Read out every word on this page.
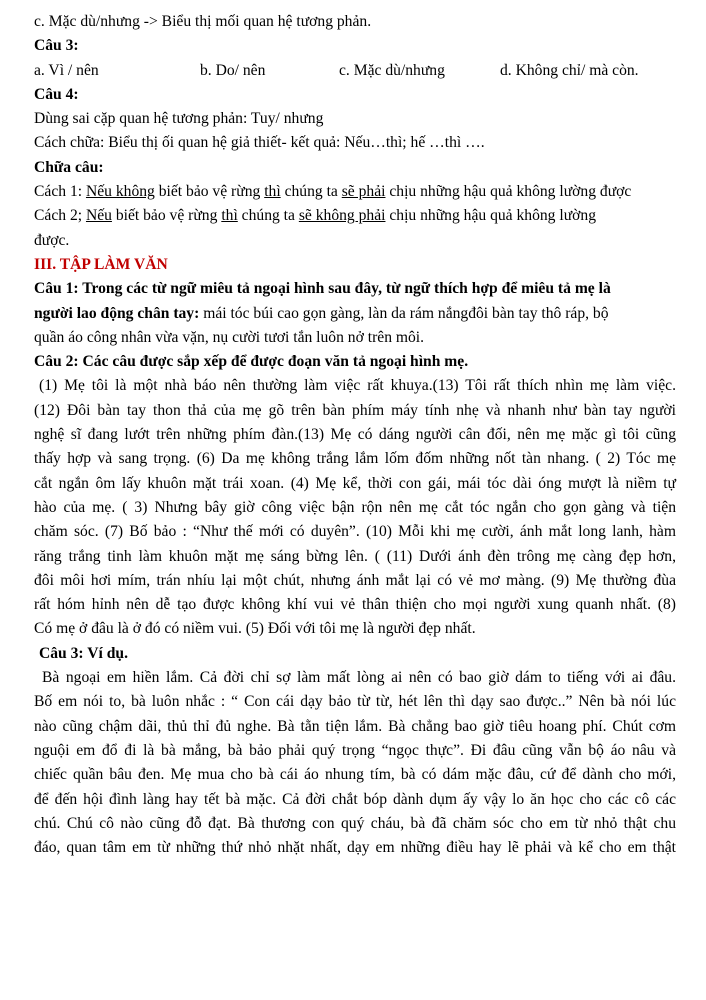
c. Mặc dù/nhưng -> Biểu thị mối quan hệ tương phản.
Câu 3:
a. Vì / nên	b. Do/ nên	c. Mặc dù/nhưng	d. Không chỉ/ mà còn.
Câu 4:
Dùng sai cặp quan hệ tương phản: Tuy/ nhưng
Cách chữa: Biểu thị ối quan hệ giả thiết- kết quả: Nếu…thì; hế …thì ….
Chữa câu:
Cách 1: Nếu không biết bảo vệ rừng thì chúng ta sẽ phải chịu những hậu quả không lường được
Cách 2; Nếu biết bảo vệ rừng thì chúng ta sẽ không phải chịu những hậu quả không lường
được.
III. TẬP LÀM VĂN
Câu 1: Trong các từ ngữ miêu tả ngoại hình sau đây, từ ngữ thích hợp để miêu tả mẹ là
người lao động chân tay: mái tóc búi cao gọn gàng, làn da rám nắngđôi bàn tay thô ráp, bộ
quần áo công nhân vừa vặn, nụ cười tươi tắn luôn nở trên môi.
Câu 2: Các câu được sắp xếp để được đoạn văn tả ngoại hình mẹ.
(1) Mẹ tôi là một nhà báo nên thường làm việc rất khuya.(13) Tôi rất thích nhìn mẹ làm việc.
(12) Đôi bàn tay thon thả của mẹ gõ trên bàn phím máy tính nhẹ và nhanh như bàn tay người
nghệ sĩ đang lướt trên những phím đàn.(13) Mẹ có dáng người cân đối, nên mẹ mặc gì tôi cũng
thấy hợp và sang trọng. (6) Da mẹ không trắng lắm lốm đốm những nốt tàn nhang. ( 2) Tóc mẹ
cắt ngắn ôm lấy khuôn mặt trái xoan. (4) Mẹ kể, thời con gái, mái tóc dài óng mượt là niềm tự
hào của mẹ. ( 3) Nhưng bây giờ công việc bận rộn nên mẹ cắt tóc ngắn cho gọn gàng và tiện
chăm sóc. (7) Bố bảo : “Như thế mới có duyên”. (10) Mỗi khi mẹ cười, ánh mắt long lanh, hàm
răng trắng tinh làm khuôn mặt mẹ sáng bừng lên. ( (11) Dưới ánh đèn trông mẹ càng đẹp hơn,
đôi môi hơi mím, trán nhíu lại một chút, nhưng ánh mắt lại có vẻ mơ màng. (9) Mẹ thường đùa
rất hóm hỉnh nên dễ tạo được không khí vui vẻ thân thiện cho mọi người xung quanh nhất. (8)
Có mẹ ở đâu là ở đó có niềm vui. (5) Đối với tôi mẹ là người đẹp nhất.
Câu 3: Ví dụ.
Bà ngoại em hiền lắm. Cả đời chỉ sợ làm mất lòng ai nên có bao giờ dám to tiếng với ai đâu.
Bố em nói to, bà luôn nhắc : “ Con cái dạy bảo từ từ, hét lên thì dạy sao được..” Nên bà nói lúc
nào cũng chậm dãi, thủ thỉ đủ nghe. Bà tằn tiện lắm. Bà chẳng bao giờ tiêu hoang phí. Chút cơm
nguội em đổ đi là bà mắng, bà bảo phải quý trọng “ngọc thực”. Đi đâu cũng vẫn bộ áo nâu và
chiếc quần bâu đen. Mẹ mua cho bà cái áo nhung tím, bà có dám mặc đâu, cứ để dành cho mới,
để đến hội đình làng hay tết bà mặc. Cả đời chắt bóp dành dụm ấy vậy lo ăn học cho các cô các
chú. Chú cô nào cũng đỗ đạt. Bà thương con quý cháu, bà đã chăm sóc cho em từ nhỏ thật chu
đáo, quan tâm em từ những thứ nhỏ nhặt nhất, dạy em những điều hay lẽ phải và kể cho em thật
